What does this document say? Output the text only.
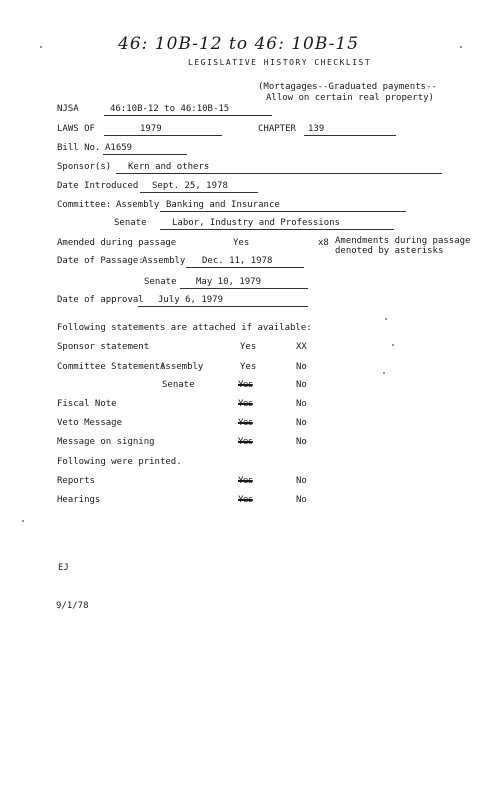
46: 10B-12 to 46: 10B-15
LEGISLATIVE HISTORY CHECKLIST
(Mortagages--Graduated payments--
Allow on certain real property)
NJSA	46:10B-12 to 46:10B-15
LAWS OF	1979	CHAPTER	139
Bill No. A1659
Sponsor(s)	Kern and others
Date Introduced	Sept. 25, 1978
Committee: Assembly Banking and Insurance
Senate	Labor, Industry and Professions
Amended during passage	Yes	x8 Amendments during passage
denoted by asterisks
Date of Passage:
Assembly	Dec. 11, 1978
Senate	May 10, 1979
Date of approval	July 6, 1979
Following statements are attached if available:
Sponsor statement	Yes	XX
Committee Statement:
Assembly	Yes	No
Senate	Yes	No
Fiscal Note	Yes	No
Veto Message	Yes	No
Message on signing	Yes	No
Following were printed.
Reports	Yes	No
Hearings	Yes	No
EJ
9/1/78
